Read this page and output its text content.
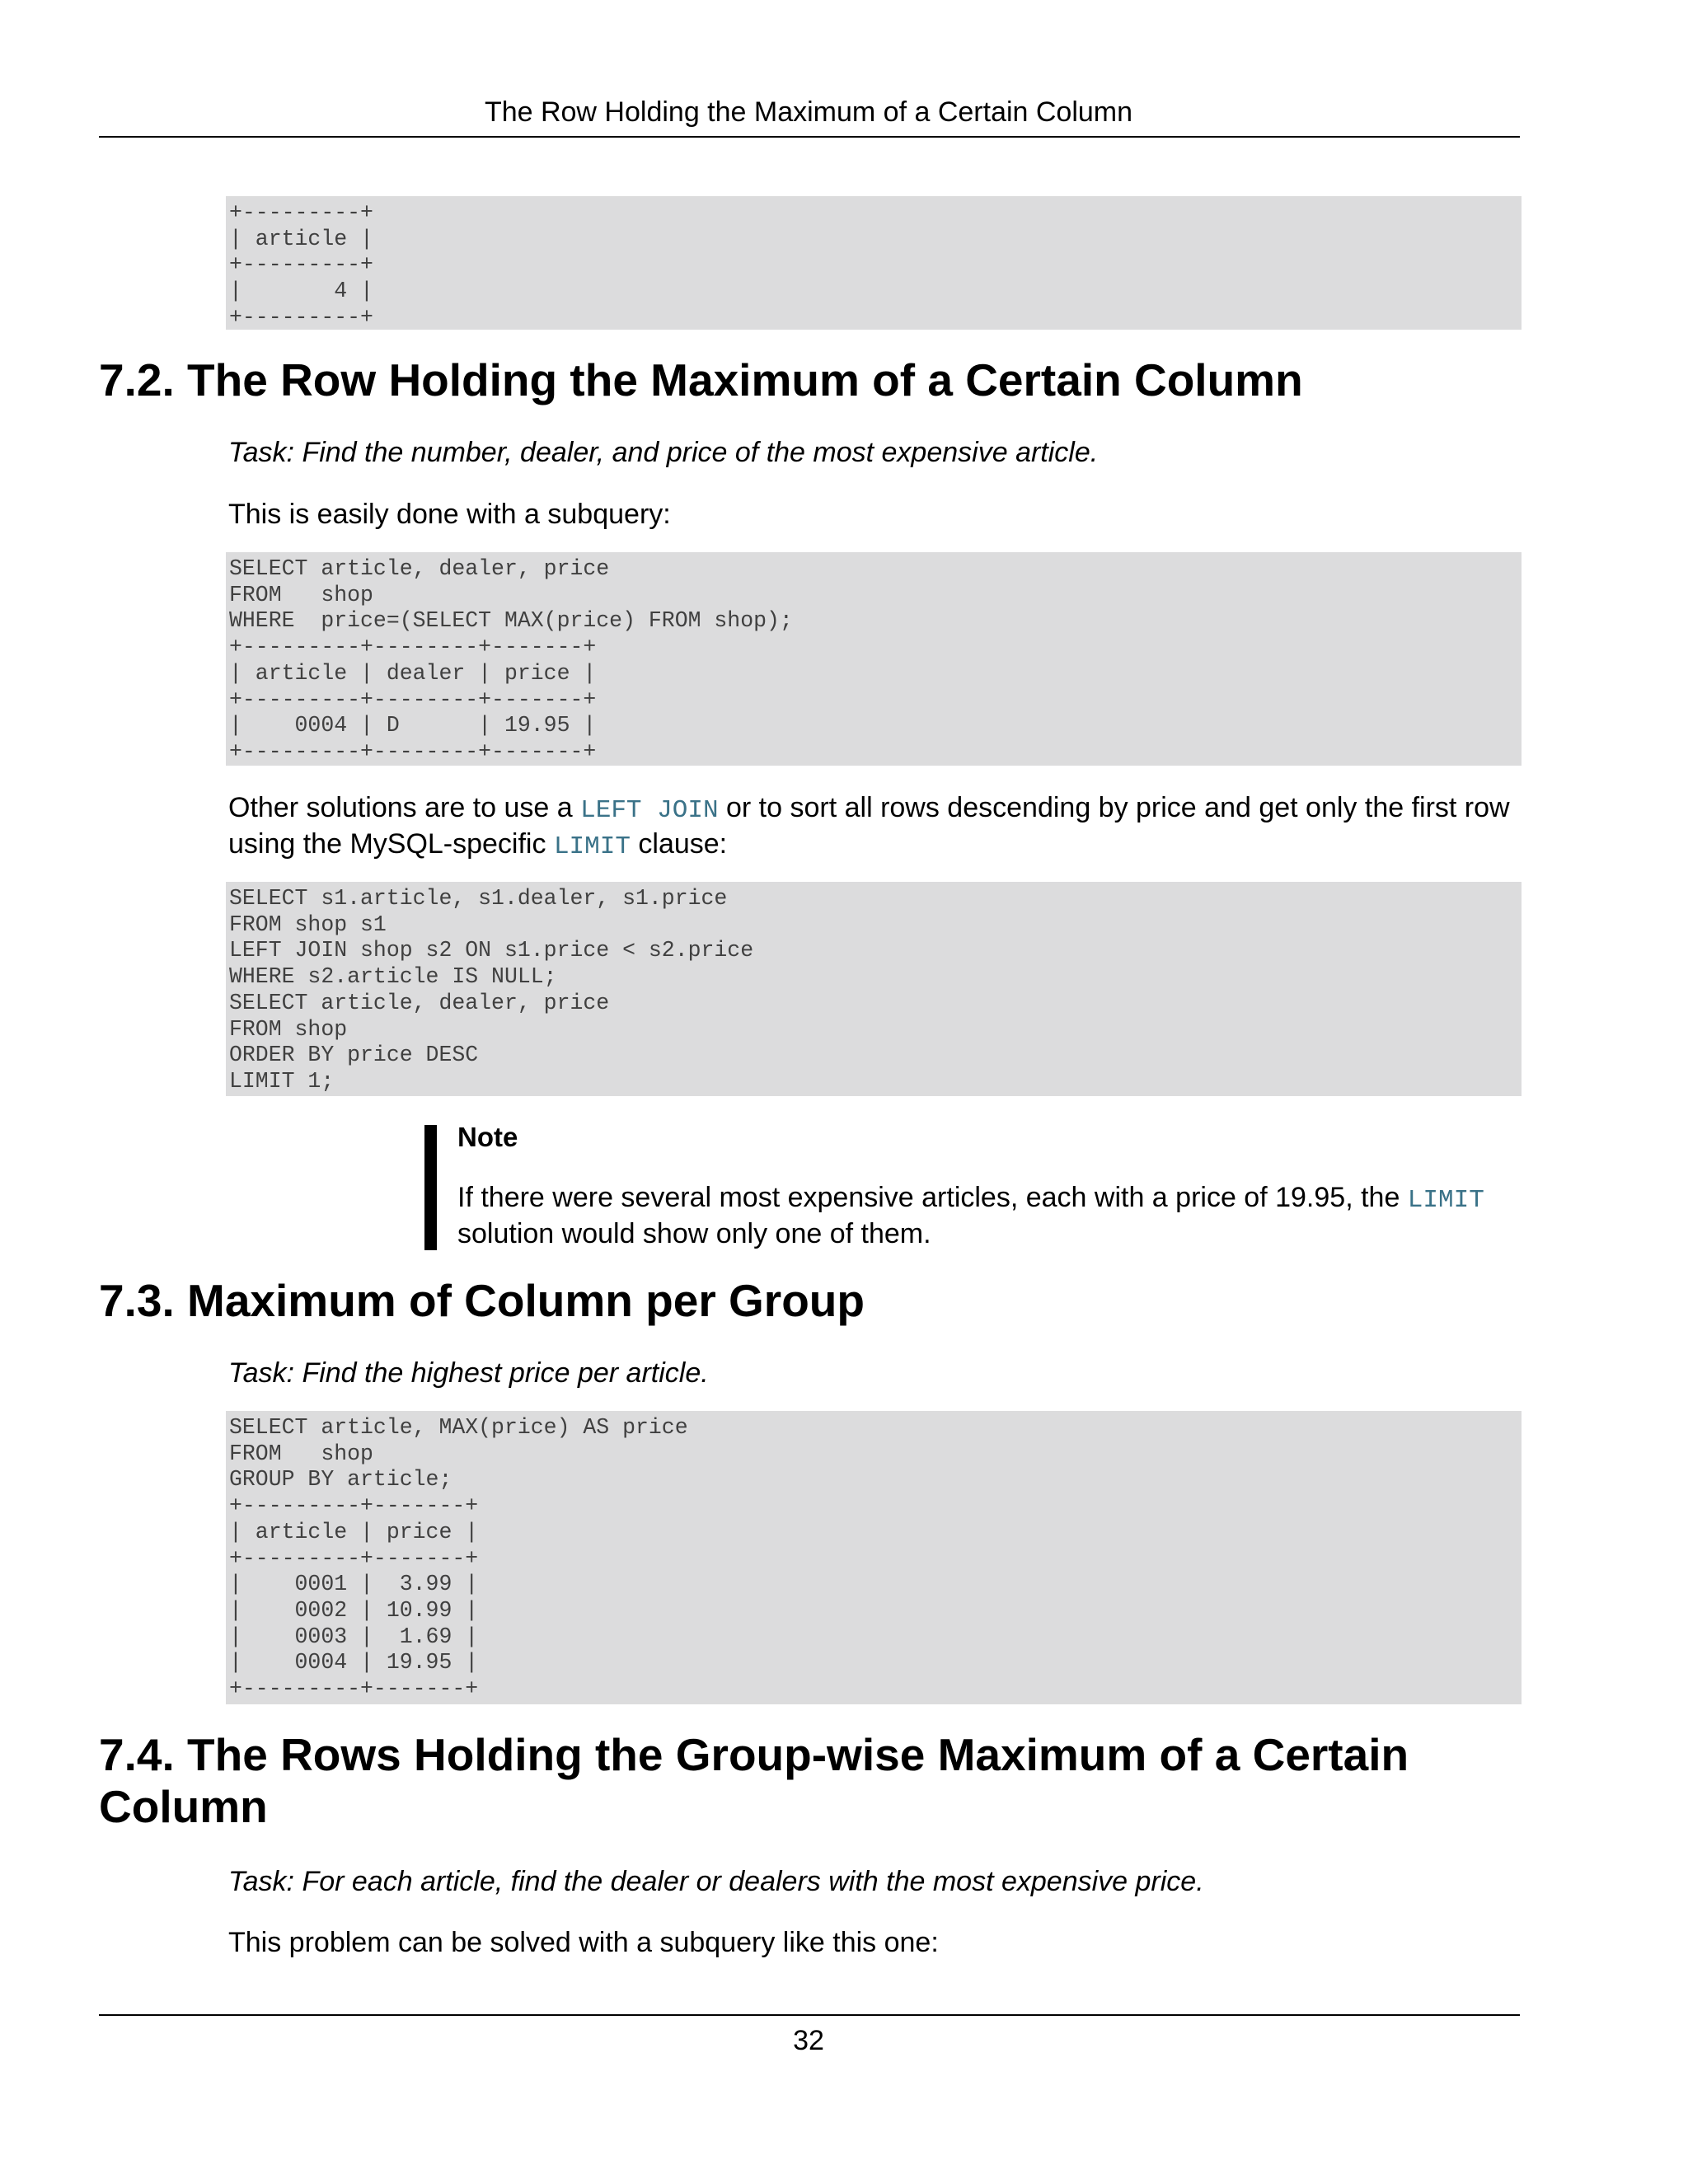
The Row Holding the Maximum of a Certain Column
+---------+
| article |
+---------+
|       4 |
+---------+
7.2. The Row Holding the Maximum of a Certain Column

Task: Find the number, dealer, and price of the most expensive article.

This is easily done with a subquery:

SELECT article, dealer, price
FROM   shop
WHERE  price=(SELECT MAX(price) FROM shop);
+---------+--------+-------+
| article | dealer | price |
+---------+--------+-------+
|    0004 | D      | 19.95 |
+---------+--------+-------+

Other solutions are to use a LEFT JOIN or to sort all rows descending by price and get only the first row using the MySQL-specific LIMIT clause:

SELECT s1.article, s1.dealer, s1.price
FROM shop s1
LEFT JOIN shop s2 ON s1.price < s2.price
WHERE s2.article IS NULL;
SELECT article, dealer, price
FROM shop
ORDER BY price DESC
LIMIT 1;

Note

If there were several most expensive articles, each with a price of 19.95, the LIMIT solution would show only one of them.

7.3. Maximum of Column per Group

Task: Find the highest price per article.

SELECT article, MAX(price) AS price
FROM   shop
GROUP BY article;
+---------+-------+
| article | price |
+---------+-------+
|    0001 |  3.99 |
|    0002 | 10.99 |
|    0003 |  1.69 |
|    0004 | 19.95 |
+---------+-------+
7.4. The Rows Holding the Group-wise Maximum of a Certain Column

Task: For each article, find the dealer or dealers with the most expensive price.

This problem can be solved with a subquery like this one:

32
